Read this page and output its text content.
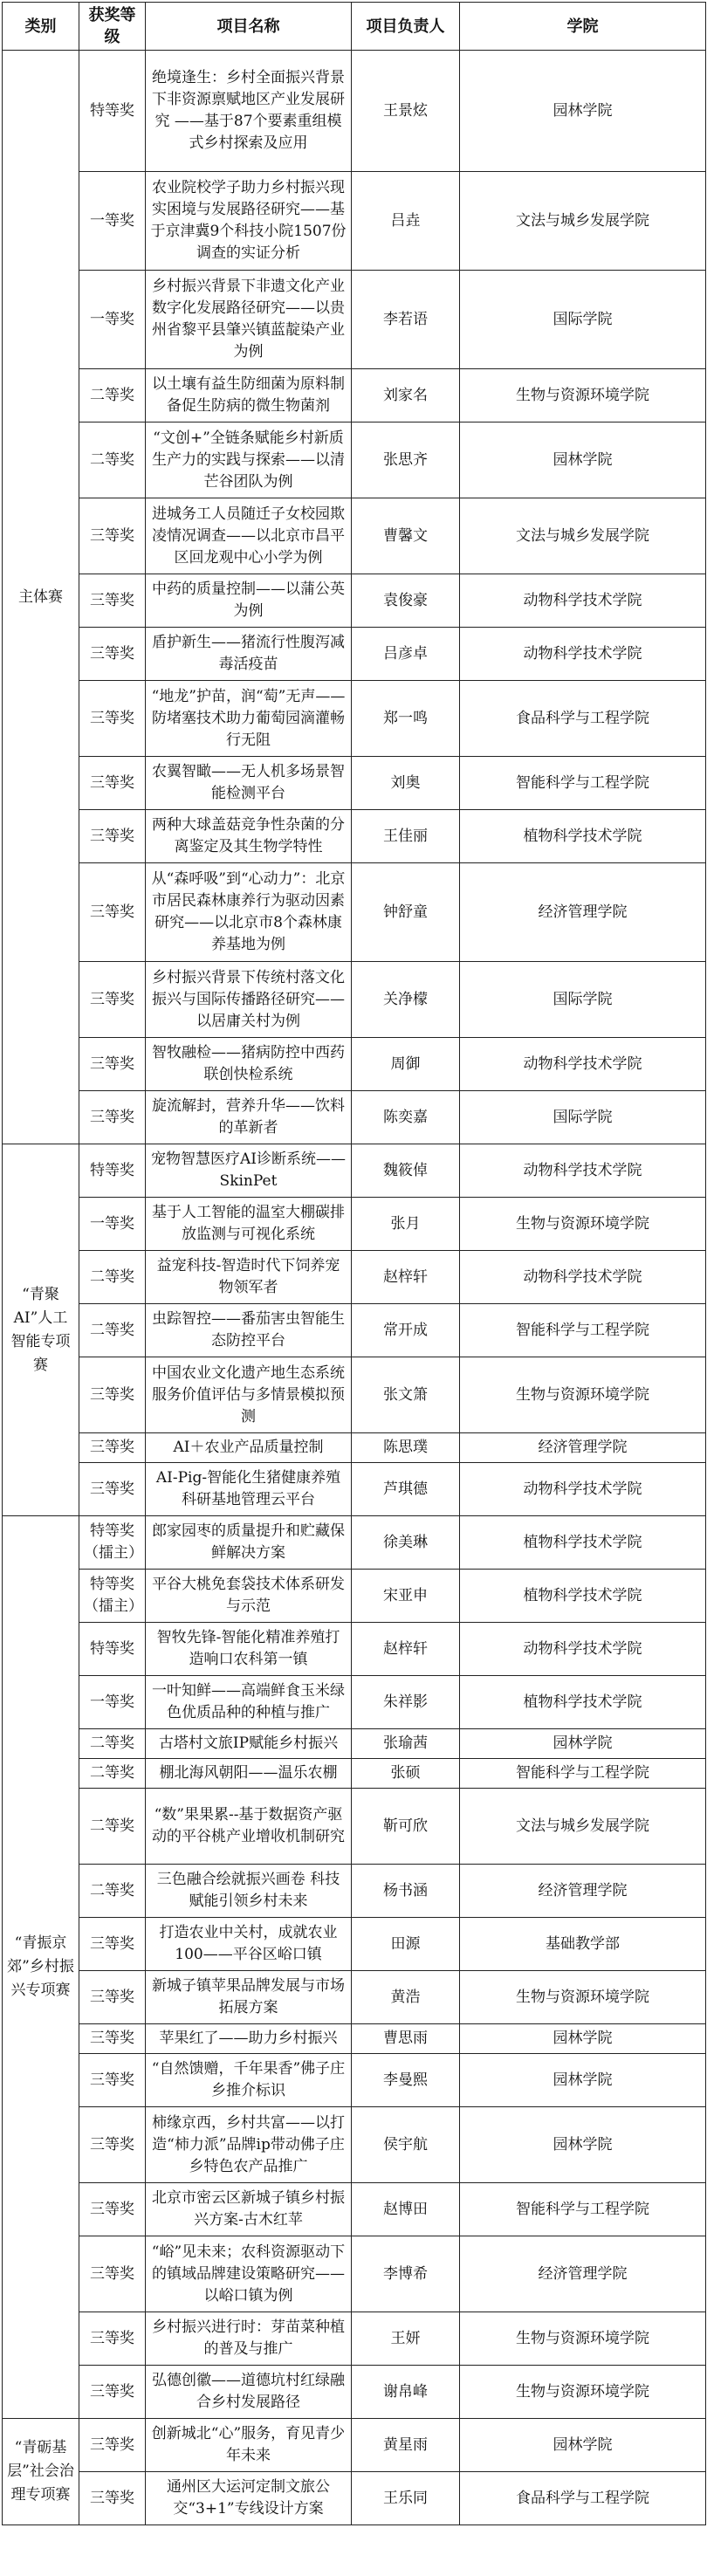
类别	获奖等级	项目名称	项目负责人	学院
主体赛	特等奖	绝境逢生：乡村全面振兴背景下非资源禀赋地区产业发展研究 ——基于87个要素重组模式乡村探索及应用	王景炫	园林学院
	一等奖	农业院校学子助力乡村振兴现实困境与发展路径研究——基于京津冀9个科技小院1507份调查的实证分析	吕垚	文法与城乡发展学院
	一等奖	乡村振兴背景下非遗文化产业数字化发展路径研究——以贵州省黎平县肇兴镇蓝靛染产业为例	李若语	国际学院
	二等奖	以土壤有益生防细菌为原料制备促生防病的微生物菌剂	刘家名	生物与资源环境学院
	二等奖	“文创+”全链条赋能乡村新质生产力的实践与探索——以清芒谷团队为例	张思齐	园林学院
	三等奖	进城务工人员随迁子女校园欺凌情况调查——以北京市昌平区回龙观中心小学为例	曹馨文	文法与城乡发展学院
	三等奖	中药的质量控制——以蒲公英为例	袁俊豪	动物科学技术学院
	三等奖	盾护新生——猪流行性腹泻减毒活疫苗	吕彦卓	动物科学技术学院
	三等奖	“地龙”护苗，润“萄”无声——防堵塞技术助力葡萄园滴灌畅行无阻	郑一鸣	食品科学与工程学院
	三等奖	农翼智瞰——无人机多场景智能检测平台	刘奥	智能科学与工程学院
	三等奖	两种大球盖菇竞争性杂菌的分离鉴定及其生物学特性	王佳丽	植物科学技术学院
	三等奖	从“森呼吸”到“心动力”：北京市居民森林康养行为驱动因素研究——以北京市8个森林康养基地为例	钟舒童	经济管理学院
	三等奖	乡村振兴背景下传统村落文化振兴与国际传播路径研究——以居庸关村为例	关净檬	国际学院
	三等奖	智牧融检——猪病防控中西药联创快检系统	周御	动物科学技术学院
	三等奖	旋流解封，营养升华——饮料的革新者	陈奕嘉	国际学院
“青聚AI”人工智能专项赛	特等奖	宠物智慧医疗AI诊断系统——SkinPet	魏筱倬	动物科学技术学院
	一等奖	基于人工智能的温室大棚碳排放监测与可视化系统	张月	生物与资源环境学院
	二等奖	益宠科技-智造时代下饲养宠物领军者	赵梓轩	动物科学技术学院
	二等奖	虫踪智控——番茄害虫智能生态防控平台	常开成	智能科学与工程学院
	三等奖	中国农业文化遗产地生态系统服务价值评估与多情景模拟预测	张文箫	生物与资源环境学院
	三等奖	AI＋农业产品质量控制	陈思璞	经济管理学院
	三等奖	AI-Pig-智能化生猪健康养殖科研基地管理云平台	芦琪德	动物科学技术学院
“青振京郊”乡村振兴专项赛	特等奖（擂主）	郎家园枣的质量提升和贮藏保鲜解决方案	徐美琳	植物科学技术学院
	特等奖（擂主）	平谷大桃免套袋技术体系研发与示范	宋亚申	植物科学技术学院
	特等奖	智牧先锋-智能化精准养殖打造响口农科第一镇	赵梓轩	动物科学技术学院
	一等奖	一叶知鲜——高端鲜食玉米绿色优质品种的种植与推广	朱祥影	植物科学技术学院
	二等奖	古塔村文旅IP赋能乡村振兴	张瑜茜	园林学院
	二等奖	棚北海风朝阳——温乐农棚	张硕	智能科学与工程学院
	二等奖	“数”果果累--基于数据资产驱动的平谷桃产业增收机制研究	靳可欣	文法与城乡发展学院
	二等奖	三色融合绘就振兴画卷 科技赋能引领乡村未来	杨书涵	经济管理学院
	三等奖	打造农业中关村，成就农业100——平谷区峪口镇	田源	基础教学部
	三等奖	新城子镇苹果品牌发展与市场拓展方案	黄浩	生物与资源环境学院
	三等奖	苹果红了——助力乡村振兴	曹思雨	园林学院
	三等奖	“自然馈赠，千年果香”佛子庄乡推介标识	李曼熙	园林学院
	三等奖	柿缘京西，乡村共富——以打造“柿力派”品牌ip带动佛子庄乡特色农产品推广	侯宇航	园林学院
	三等奖	北京市密云区新城子镇乡村振兴方案-古木红苹	赵博田	智能科学与工程学院
	三等奖	“峪”见未来；农科资源驱动下的镇域品牌建设策略研究——以峪口镇为例	李博希	经济管理学院
	三等奖	乡村振兴进行时：芽苗菜种植的普及与推广	王妍	生物与资源环境学院
	三等奖	弘德创徽——道德坑村红绿融合乡村发展路径	谢帛峰	生物与资源环境学院
“青砺基层”社会治理专项赛	三等奖	创新城北“心”服务，育见青少年未来	黄星雨	园林学院
	三等奖	通州区大运河定制文旅公交“3+1”专线设计方案	王乐同	食品科学与工程学院
